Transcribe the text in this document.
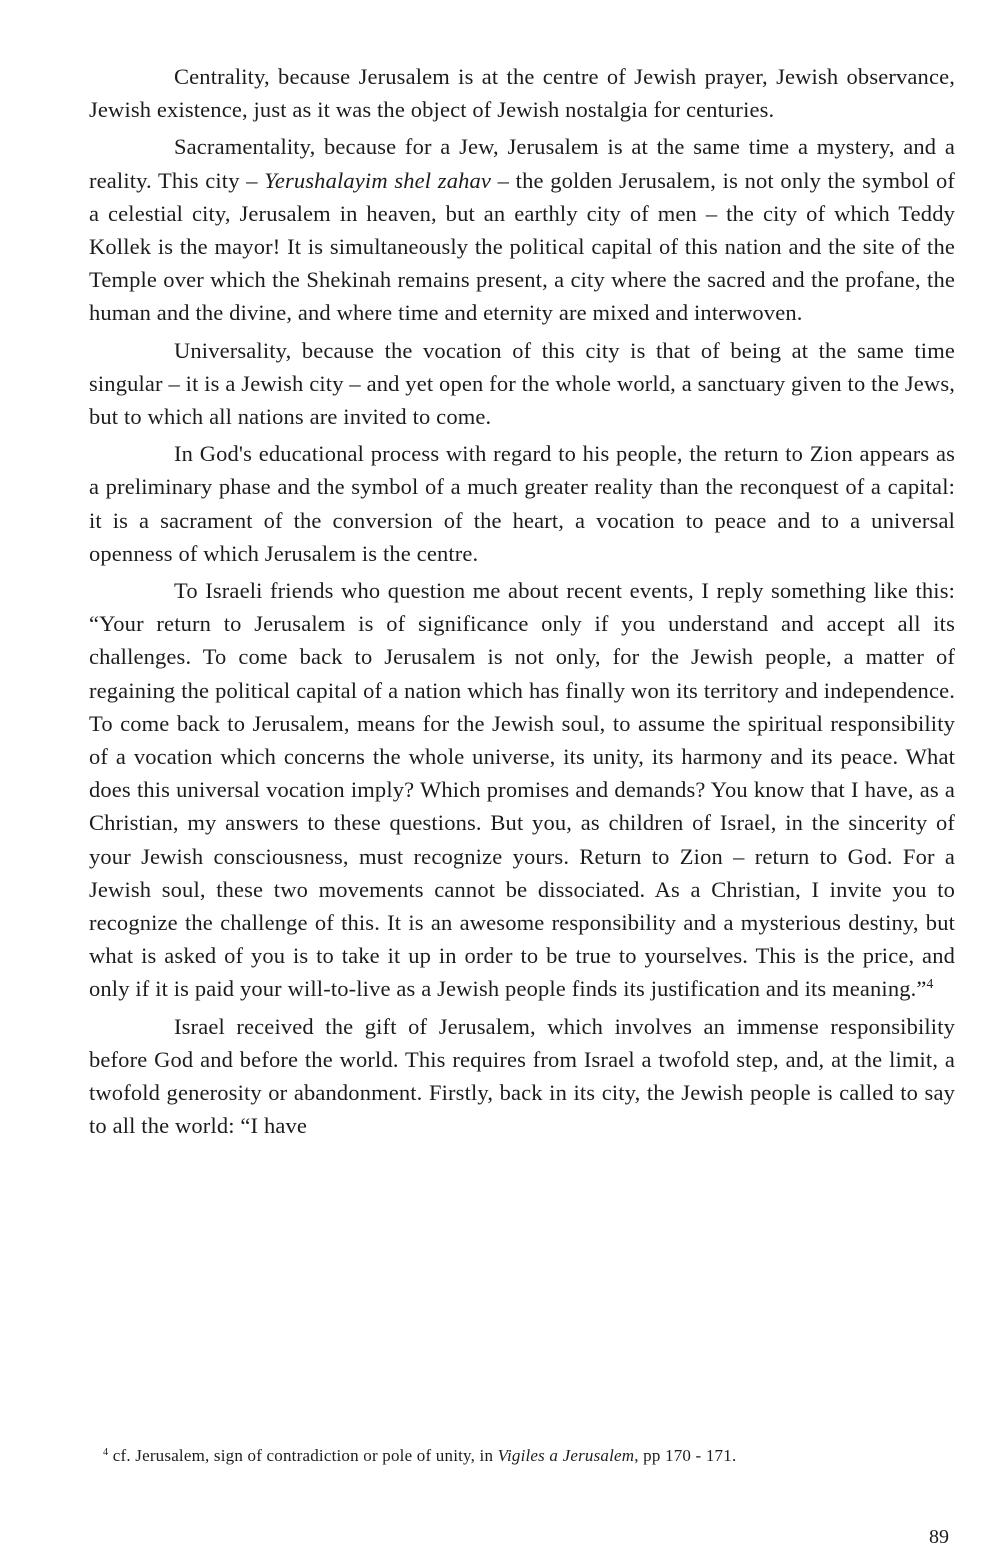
Centrality, because Jerusalem is at the centre of Jewish prayer, Jewish observance, Jewish existence, just as it was the object of Jewish nostalgia for centuries.

Sacramentality, because for a Jew, Jerusalem is at the same time a mystery, and a reality. This city – Yerushalayim shel zahav – the golden Jerusalem, is not only the symbol of a celestial city, Jerusalem in heaven, but an earthly city of men – the city of which Teddy Kollek is the mayor! It is simultaneously the political capital of this nation and the site of the Temple over which the Shekinah remains present, a city where the sacred and the profane, the human and the divine, and where time and eternity are mixed and interwoven.

Universality, because the vocation of this city is that of being at the same time singular – it is a Jewish city – and yet open for the whole world, a sanctuary given to the Jews, but to which all nations are invited to come.

In God's educational process with regard to his people, the return to Zion appears as a preliminary phase and the symbol of a much greater reality than the reconquest of a capital: it is a sacrament of the conversion of the heart, a vocation to peace and to a universal openness of which Jerusalem is the centre.

To Israeli friends who question me about recent events, I reply something like this: “Your return to Jerusalem is of significance only if you understand and accept all its challenges. To come back to Jerusalem is not only, for the Jewish people, a matter of regaining the political capital of a nation which has finally won its territory and independence. To come back to Jerusalem, means for the Jewish soul, to assume the spiritual responsibility of a vocation which concerns the whole universe, its unity, its harmony and its peace. What does this universal vocation imply? Which promises and demands? You know that I have, as a Christian, my answers to these questions. But you, as children of Israel, in the sincerity of your Jewish consciousness, must recognize yours. Return to Zion – return to God. For a Jewish soul, these two movements cannot be dissociated. As a Christian, I invite you to recognize the challenge of this. It is an awesome responsibility and a mysterious destiny, but what is asked of you is to take it up in order to be true to yourselves. This is the price, and only if it is paid your will-to-live as a Jewish people finds its justification and its meaning.”$^4$

Israel received the gift of Jerusalem, which involves an immense responsibility before God and before the world. This requires from Israel a twofold step, and, at the limit, a twofold generosity or abandonment. Firstly, back in its city, the Jewish people is called to say to all the world: “I have

$^4$ cf. Jerusalem, sign of contradiction or pole of unity, in Vigiles a Jerusalem, pp 170 - 171.
89
